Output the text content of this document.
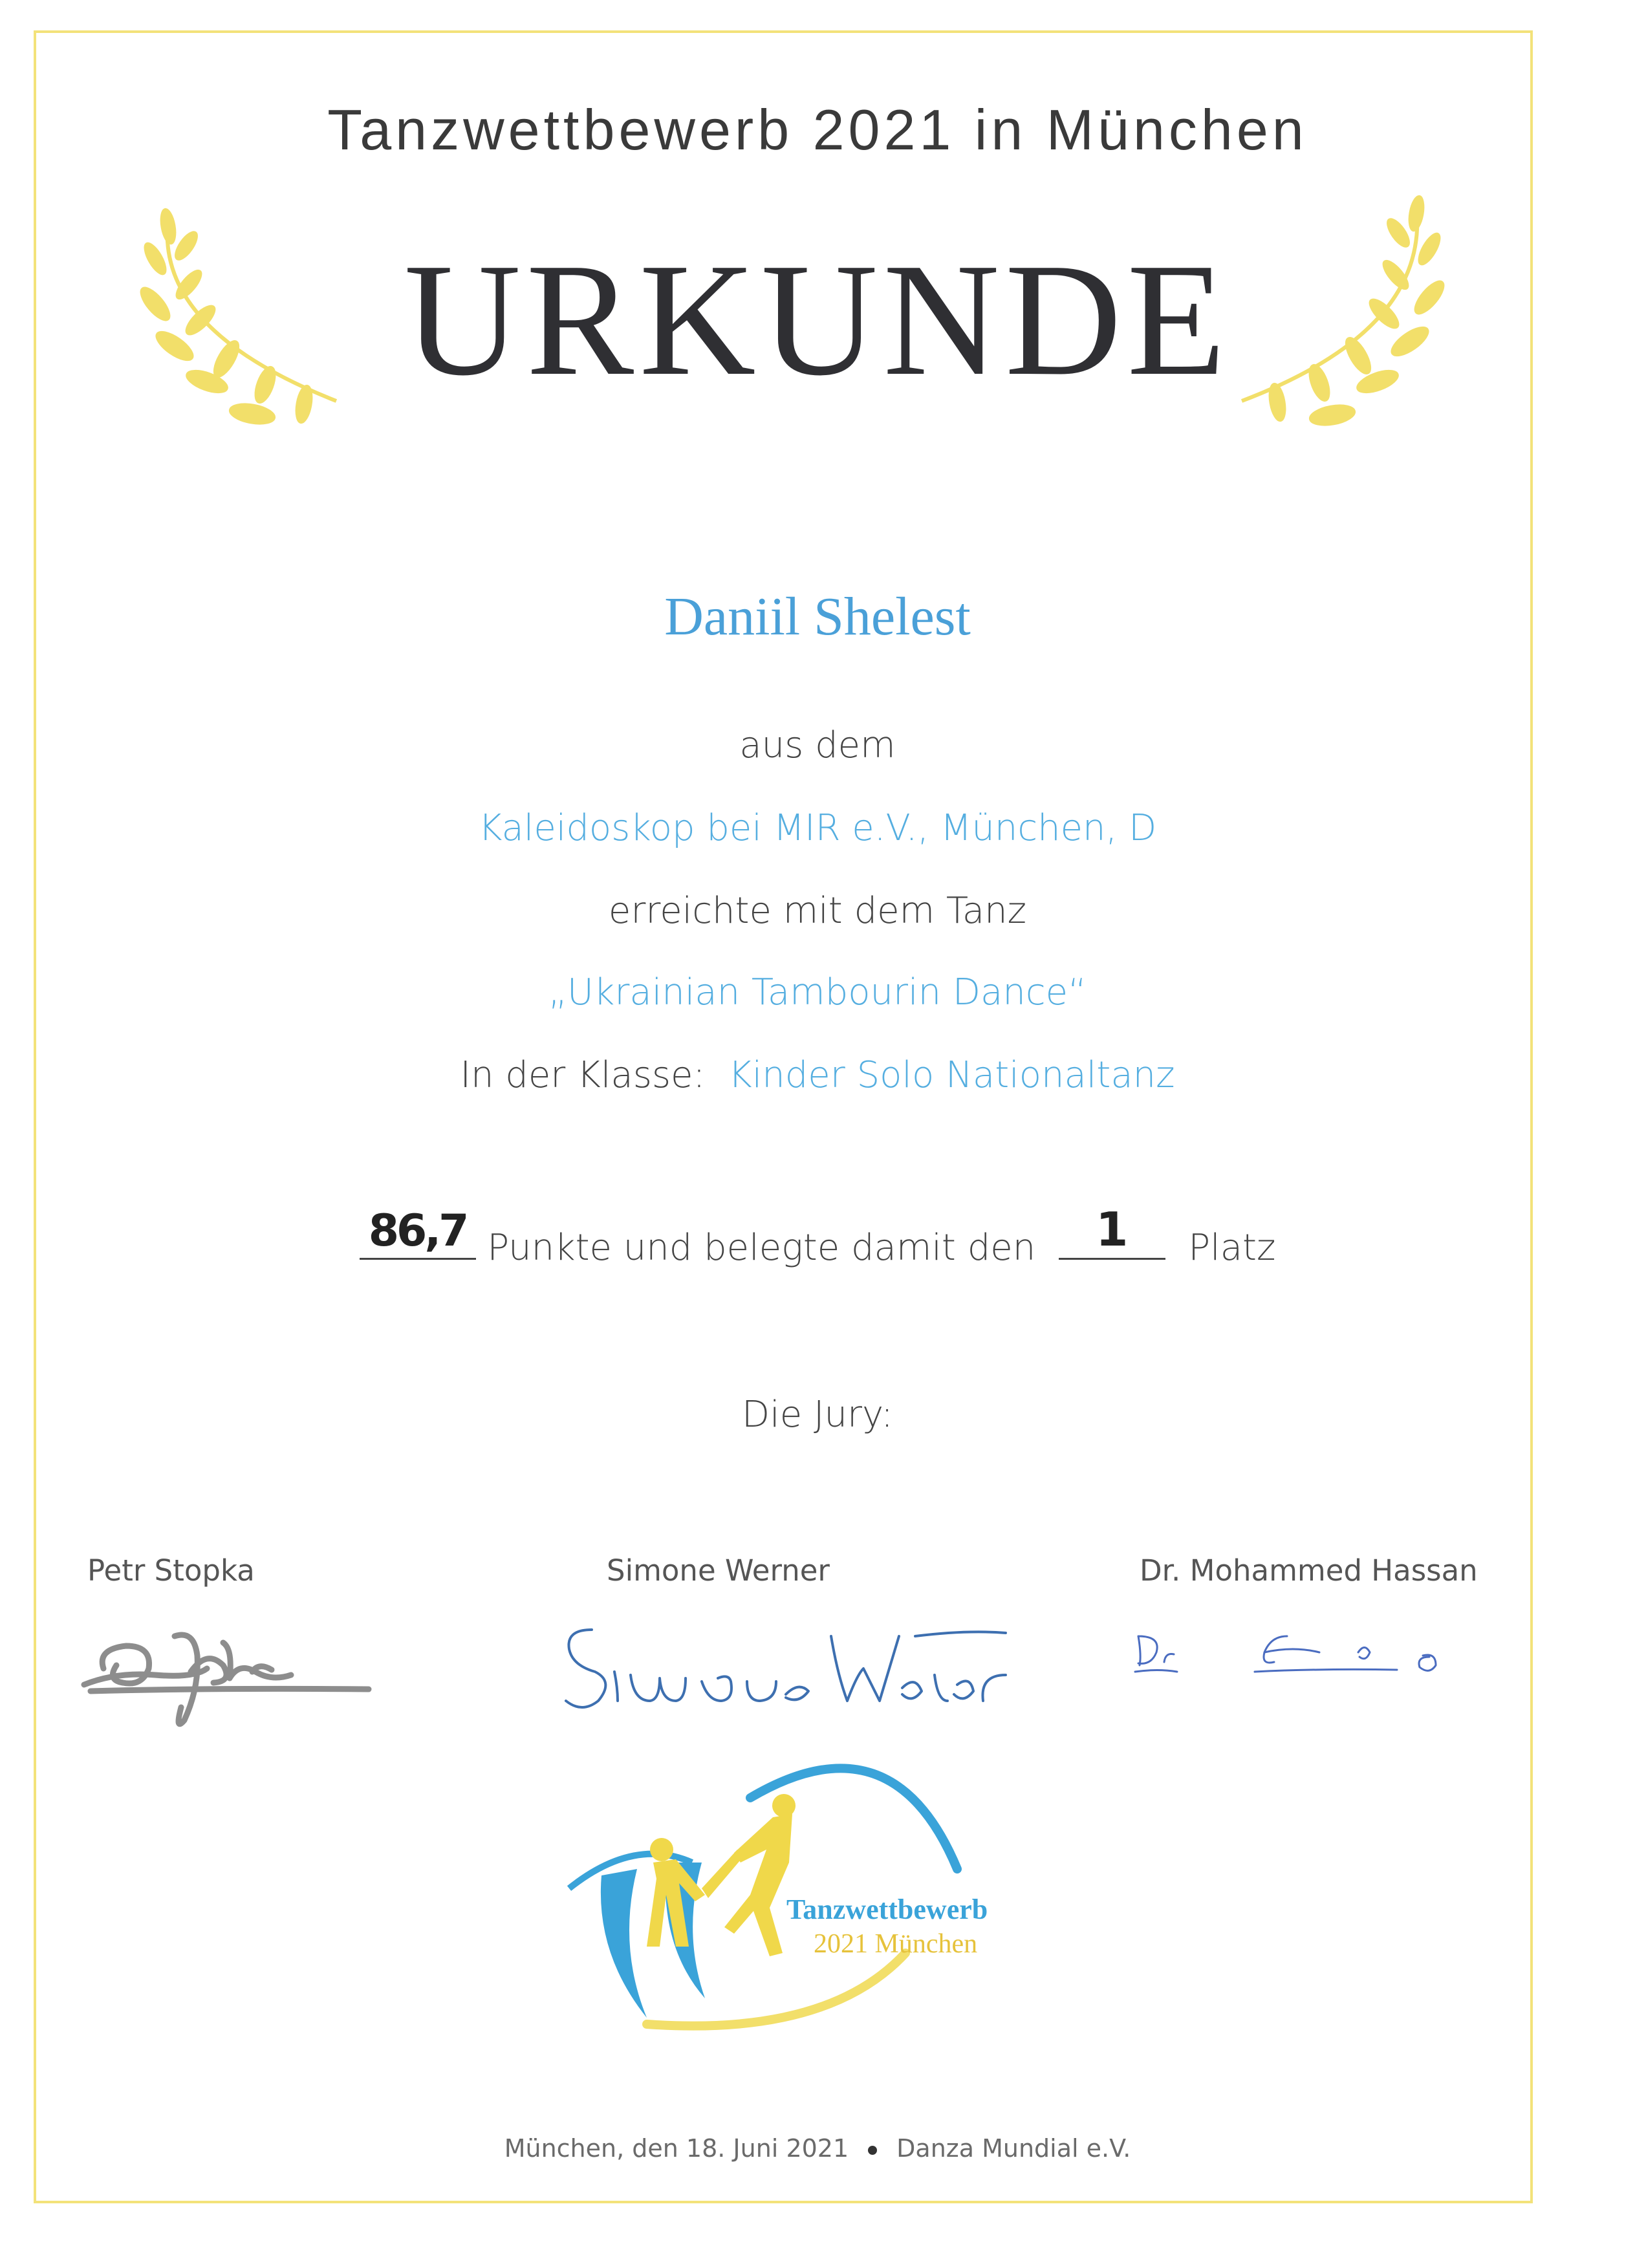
Tanzwettbewerb 2021 in München
URKUNDE
Daniil Shelest
aus dem
Kaleidoskop bei MIR e.V., München, D
erreichte mit dem Tanz
„Ukrainian Tambourin Dance“
In der Klasse: Kinder Solo Nationaltanz
86,7 Punkte und belegte damit den	1	Platz
Die Jury:
Petr Stopka	Simone Werner	Dr. Mohammed Hassan
Tanzwettbewerb
2021 München
München, den 18. Juni 2021 Danza Mundial e.V.
